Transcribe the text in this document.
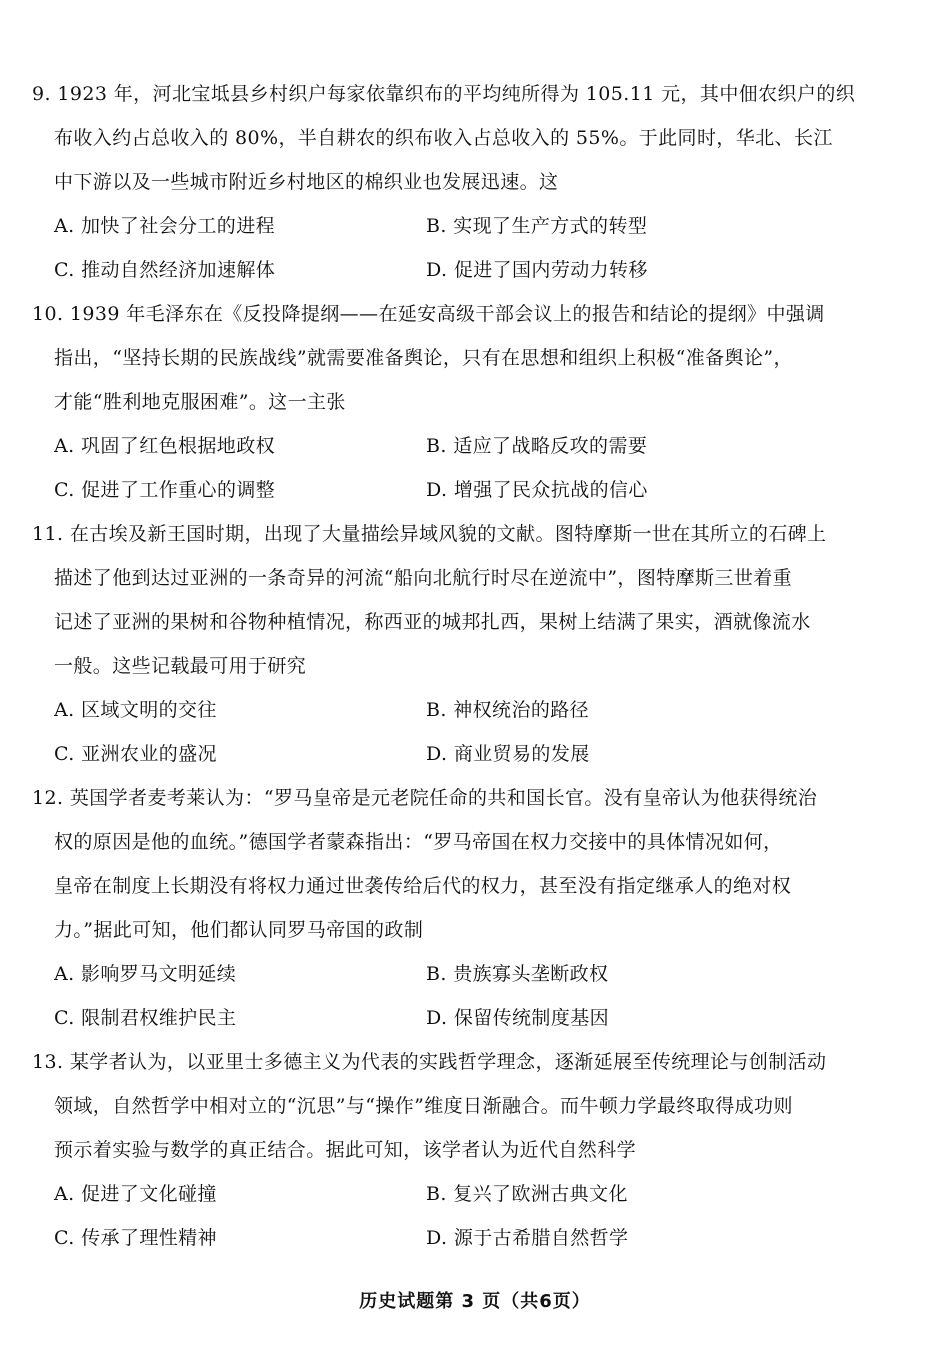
9. 1923 年，河北宝坻县乡村织户每家依靠织布的平均纯所得为 105.11 元，其中佃农织户的织
布收入约占总收入的 80%，半自耕农的织布收入占总收入的 55%。于此同时，华北、长江
中下游以及一些城市附近乡村地区的棉织业也发展迅速。这
A. 加快了社会分工的进程	B. 实现了生产方式的转型
C. 推动自然经济加速解体	D. 促进了国内劳动力转移
10. 1939 年毛泽东在《反投降提纲——在延安高级干部会议上的报告和结论的提纲》中强调
指出，“坚持长期的民族战线”就需要准备舆论，只有在思想和组织上积极“准备舆论”，
才能“胜利地克服困难”。这一主张
A. 巩固了红色根据地政权	B. 适应了战略反攻的需要
C. 促进了工作重心的调整	D. 增强了民众抗战的信心
11. 在古埃及新王国时期，出现了大量描绘异域风貌的文献。图特摩斯一世在其所立的石碑上
描述了他到达过亚洲的一条奇异的河流“船向北航行时尽在逆流中”，图特摩斯三世着重
记述了亚洲的果树和谷物种植情况，称西亚的城邦扎西，果树上结满了果实，酒就像流水
一般。这些记载最可用于研究
A. 区域文明的交往	B. 神权统治的路径
C. 亚洲农业的盛况	D. 商业贸易的发展
12. 英国学者麦考莱认为：“罗马皇帝是元老院任命的共和国长官。没有皇帝认为他获得统治
权的原因是他的血统。”德国学者蒙森指出：“罗马帝国在权力交接中的具体情况如何，
皇帝在制度上长期没有将权力通过世袭传给后代的权力，甚至没有指定继承人的绝对权
力。”据此可知，他们都认同罗马帝国的政制
A. 影响罗马文明延续	B. 贵族寡头垄断政权
C. 限制君权维护民主	D. 保留传统制度基因
13. 某学者认为，以亚里士多德主义为代表的实践哲学理念，逐渐延展至传统理论与创制活动
领域，自然哲学中相对立的“沉思”与“操作”维度日渐融合。而牛顿力学最终取得成功则
预示着实验与数学的真正结合。据此可知，该学者认为近代自然科学
A. 促进了文化碰撞	B. 复兴了欧洲古典文化
C. 传承了理性精神	D. 源于古希腊自然哲学
历史试题第 3 页（共6页）
